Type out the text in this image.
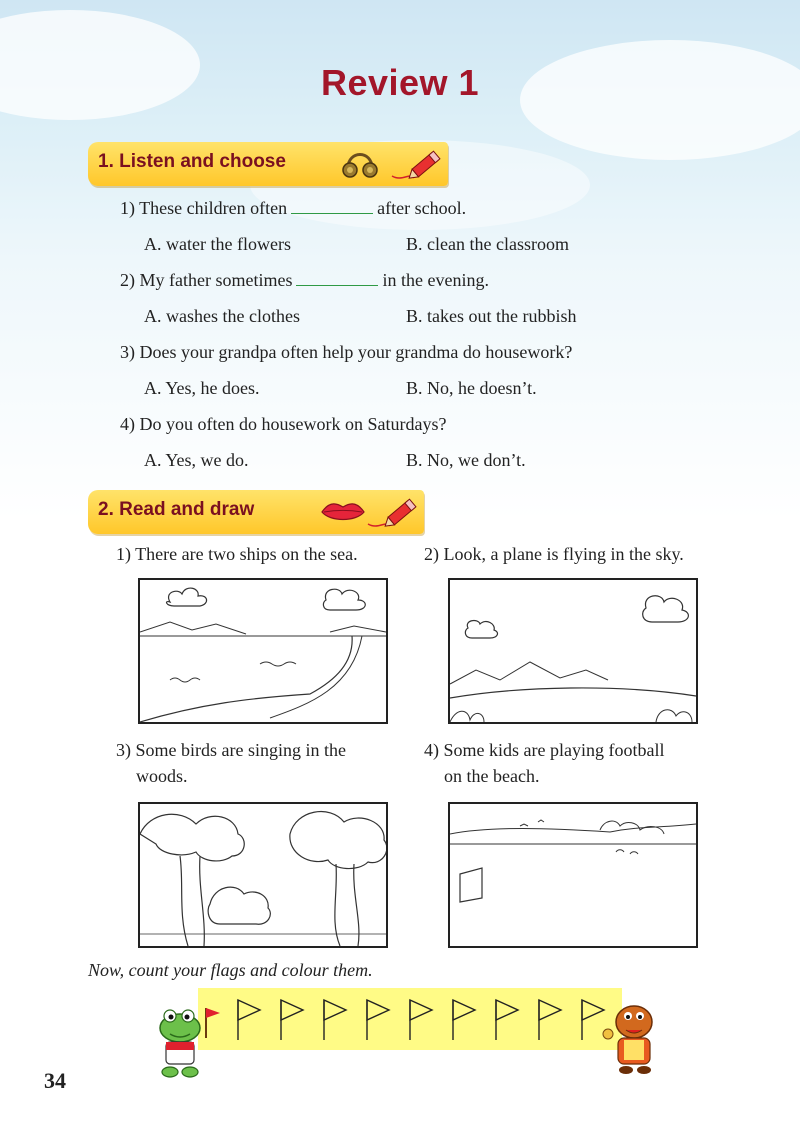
Review 1
1. Listen and choose
1) These children often	after school.
A. water the flowers	B. clean the classroom
2) My father sometimes	in the evening.
A. washes the clothes	B. takes out the rubbish
3) Does your grandpa often help your grandma do housework?
A. Yes, he does.	B. No, he doesn’t.
4) Do you often do housework on Saturdays?
A. Yes, we do.	B. No, we don’t.
2. Read and draw
1) There are two ships on the sea.	2) Look, a plane is flying in the sky.
3) Some birds are singing in the
woods.
4) Some kids are playing football
on the beach.
Now, count your flags and colour them.
34
